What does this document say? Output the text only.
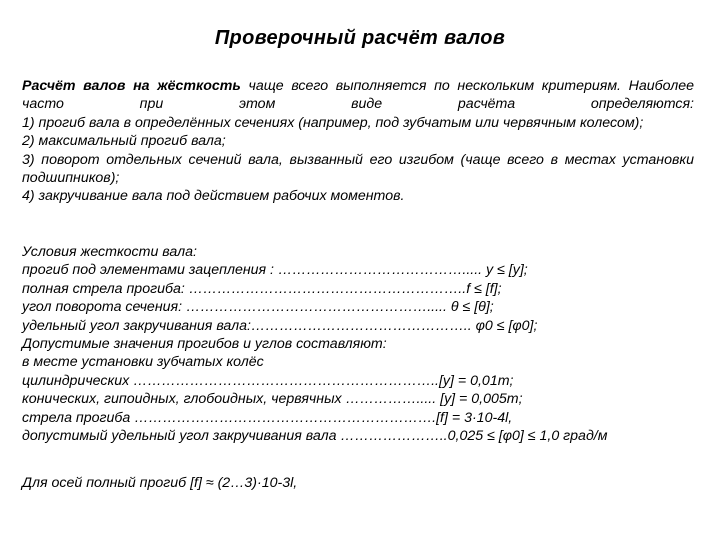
Проверочный расчёт валов
Расчёт валов на жёсткость чаще всего выполняется по нескольким критериям. Наиболее часто при этом виде расчёта определяются:
1) прогиб вала в определённых сечениях (например, под зубчатым или червячным колесом);
2) максимальный прогиб вала;
3) поворот отдельных сечений вала, вызванный его изгибом (чаще всего в местах установки подшипников);
4) закручивание вала под действием рабочих моментов.
Условия жесткости вала:
прогиб под элементами зацепления : …………………………………..... y ≤ [y];
полная стрела прогиба: …………………………………………………..f ≤ [f];
угол поворота сечения: ……………………………………………..... θ ≤ [θ];
удельный угол закручивания вала:……………………………………….. φ0 ≤ [φ0];
Допустимые значения прогибов и углов составляют:
в месте установки зубчатых колёс
цилиндрических ………………………………………………………..[y] = 0,01m;
конических, гипоидных, глобоидных, червячных ……………..... [y] = 0,005m;
стрела прогиба ……………………………………………………….[f] = 3·10-4l,
допустимый удельный угол закручивания вала …………………..0,025 ≤ [φ0] ≤ 1,0 град/м
Для осей полный прогиб [f] ≈ (2…3)·10-3l,
